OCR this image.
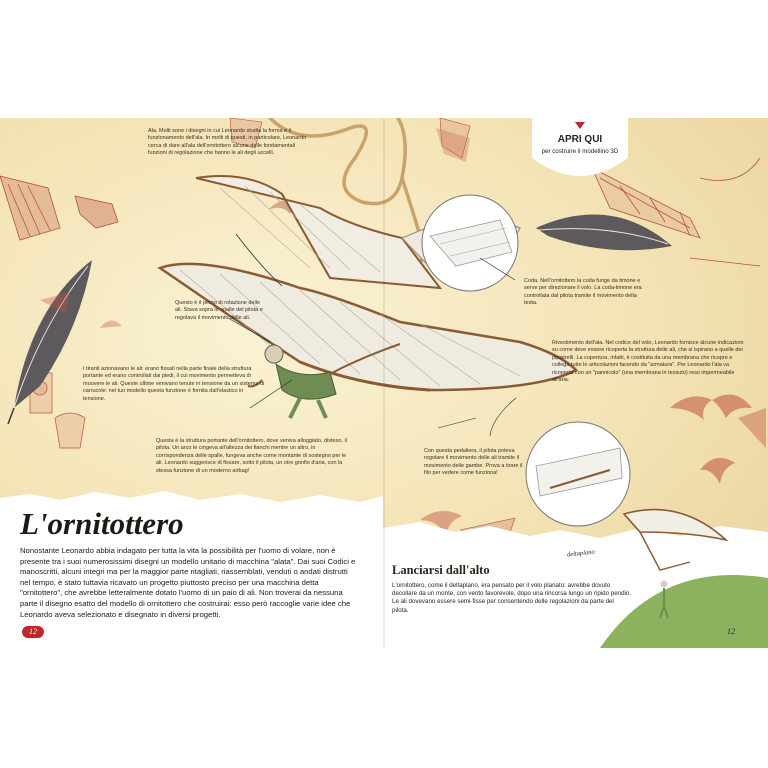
APRI QUI

per costruire il modellino 3D

Ala. Molti sono i disegni in cui Leonardo studia la forma e il funzionamento dell'ala. In molti di questi, in particolare, Leonardo cerca di dare all'ala dell'ornitottero alcune delle fondamentali funzioni di regolazione che hanno le ali degli uccelli.

Questo è il perno di rotazione delle ali. Stava sopra le spalle del pilota e regolava il movimento delle ali.

I tiranti azionavano le ali: erano fissati nella parte finale della struttura portante ed erano controllati dai piedi, il cui movimento permetteva di muovere le ali. Queste ultime venivano tenute in tensione da un sistema di carrucole: nel tuo modello questa funzione è fornita dall'elastico in tensione.

Questa è la struttura portante dell'ornitottero, dove veniva alloggiato, disteso, il pilota. Un arco le cingeva all'altezza dei fianchi mentre un altro, in corrispondenza delle spalle, fungeva anche come montante di sostegno per le ali. Leonardo suggerisce di fissare, sotto il pilota, un otre gonfio d'aria, con la stessa funzione di un moderno airbag!

Coda. Nell'ornitottero la coda funge da timone e serve per direzionare il volo. La coda-timone era controllata dal pilota tramite il movimento della testa.

Rivestimento dell'ala. Nel codice del volo, Leonardo fornisce alcune indicazioni su come deve essere ricoperta la struttura delle ali, che si ispirano a quelle dei pipistrelli. La copertura, infatti, è costituita da una membrana che ricopre e collega tutte le articolazioni facendo da "armatura". Per Leonardo l'ala va ricoperta con un "pannicolo" (una membrana in tessuto) reso impermeabile all'aria.

Con questa pedaliera, il pilota poteva regolare il movimento delle ali tramite il movimento delle gambe. Prova a tirare il filo per vedere come funziona!

L'ornitottero

Nonostante Leonardo abbia indagato per tutta la vita la possibilità per l'uomo di volare, non è presente tra i suoi numerosissimi disegni un modello unitario di macchina "alata". Dai suoi Codici e manoscritti, alcuni integri ma per la maggior parte ritagliati, riassemblati, venduti o andati distrutti nel tempo, è stato tuttavia ricavato un progetto piuttosto preciso per una macchina detta "ornitottero", che avrebbe letteralmente dotato l'uomo di un paio di ali. Non troverai da nessuna parte il disegno esatto del modello di ornitottero che costruirai: esso però raccoglie varie idee che Leonardo aveva selezionato e disegnato in diversi progetti.

deltaplano

Lanciarsi dall'alto

L'ornitottero, come il deltaplano, era pensato per il volo planato: avrebbe dovuto decollare da un monte, con vento favorevole, dopo una rincorsa lungo un ripido pendio. Le ali dovevano essere semi-fisse per consentendo delle regolazioni da parte del pilota.

12	12
